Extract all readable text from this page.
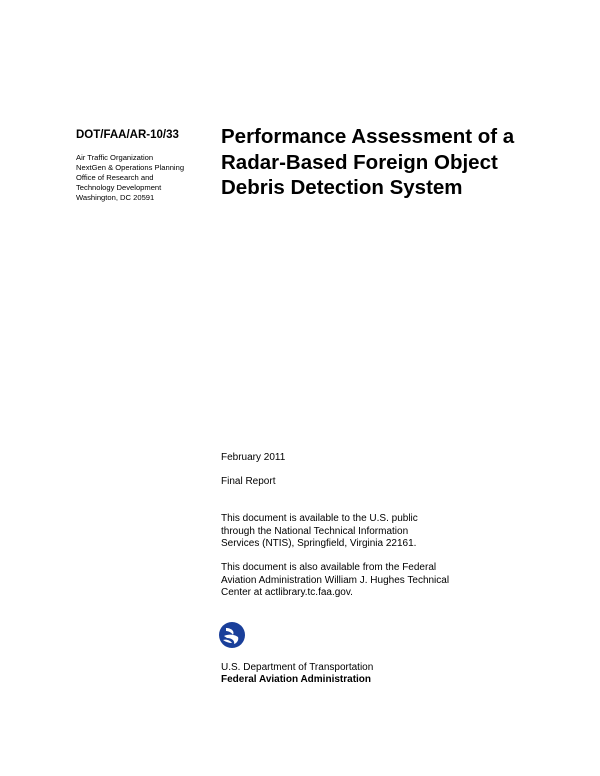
DOT/FAA/AR-10/33
Air Traffic Organization
NextGen & Operations Planning
Office of Research and
Technology Development
Washington, DC 20591
Performance Assessment of a
Radar-Based Foreign Object
Debris Detection System
February 2011
Final Report
This document is available to the U.S. public
through the National Technical Information
Services (NTIS), Springfield, Virginia 22161.
This document is also available from the Federal
Aviation Administration William J. Hughes Technical
Center at actlibrary.tc.faa.gov.
U.S. Department of Transportation
Federal Aviation Administration
